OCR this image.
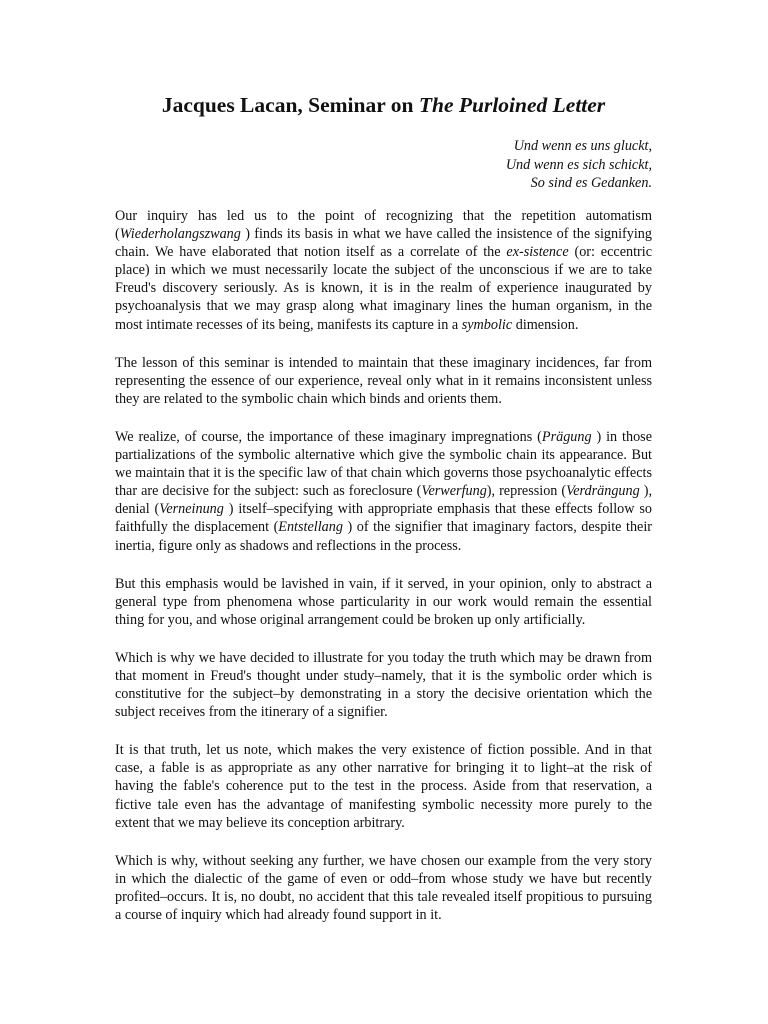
Jacques Lacan, Seminar on The Purloined Letter
Und wenn es uns gluckt,
Und wenn es sich schickt,
So sind es Gedanken.

Our inquiry has led us to the point of recognizing that the repetition automatism (Wiederholangszwang ) finds its basis in what we have called the insistence of the signifying chain. We have elaborated that notion itself as a correlate of the ex-sistence (or: eccentric place) in which we must necessarily locate the subject of the unconscious if we are to take Freud's discovery seriously. As is known, it is in the realm of experience inaugurated by psychoanalysis that we may grasp along what imaginary lines the human organism, in the most intimate recesses of its being, manifests its capture in a symbolic dimension.

The lesson of this seminar is intended to maintain that these imaginary incidences, far from representing the essence of our experience, reveal only what in it remains inconsistent unless they are related to the symbolic chain which binds and orients them.

We realize, of course, the importance of these imaginary impregnations (Prägung ) in those partializations of the symbolic alternative which give the symbolic chain its appearance. But we maintain that it is the specific law of that chain which governs those psychoanalytic effects thar are decisive for the subject: such as foreclosure (Verwerfung), repression (Verdrängung ), denial (Verneinung ) itself–specifying with appropriate emphasis that these effects follow so faithfully the displacement (Entstellang ) of the signifier that imaginary factors, despite their inertia, figure only as shadows and reflections in the process.

But this emphasis would be lavished in vain, if it served, in your opinion, only to abstract a general type from phenomena whose particularity in our work would remain the essential thing for you, and whose original arrangement could be broken up only artificially.

Which is why we have decided to illustrate for you today the truth which may be drawn from that moment in Freud's thought under study–namely, that it is the symbolic order which is constitutive for the subject–by demonstrating in a story the decisive orientation which the subject receives from the itinerary of a signifier.

It is that truth, let us note, which makes the very existence of fiction possible. And in that case, a fable is as appropriate as any other narrative for bringing it to light–at the risk of having the fable's coherence put to the test in the process. Aside from that reservation, a fictive tale even has the advantage of manifesting symbolic necessity more purely to the extent that we may believe its conception arbitrary.

Which is why, without seeking any further, we have chosen our example from the very story in which the dialectic of the game of even or odd–from whose study we have but recently profited–occurs. It is, no doubt, no accident that this tale revealed itself propitious to pursuing a course of inquiry which had already found support in it.
